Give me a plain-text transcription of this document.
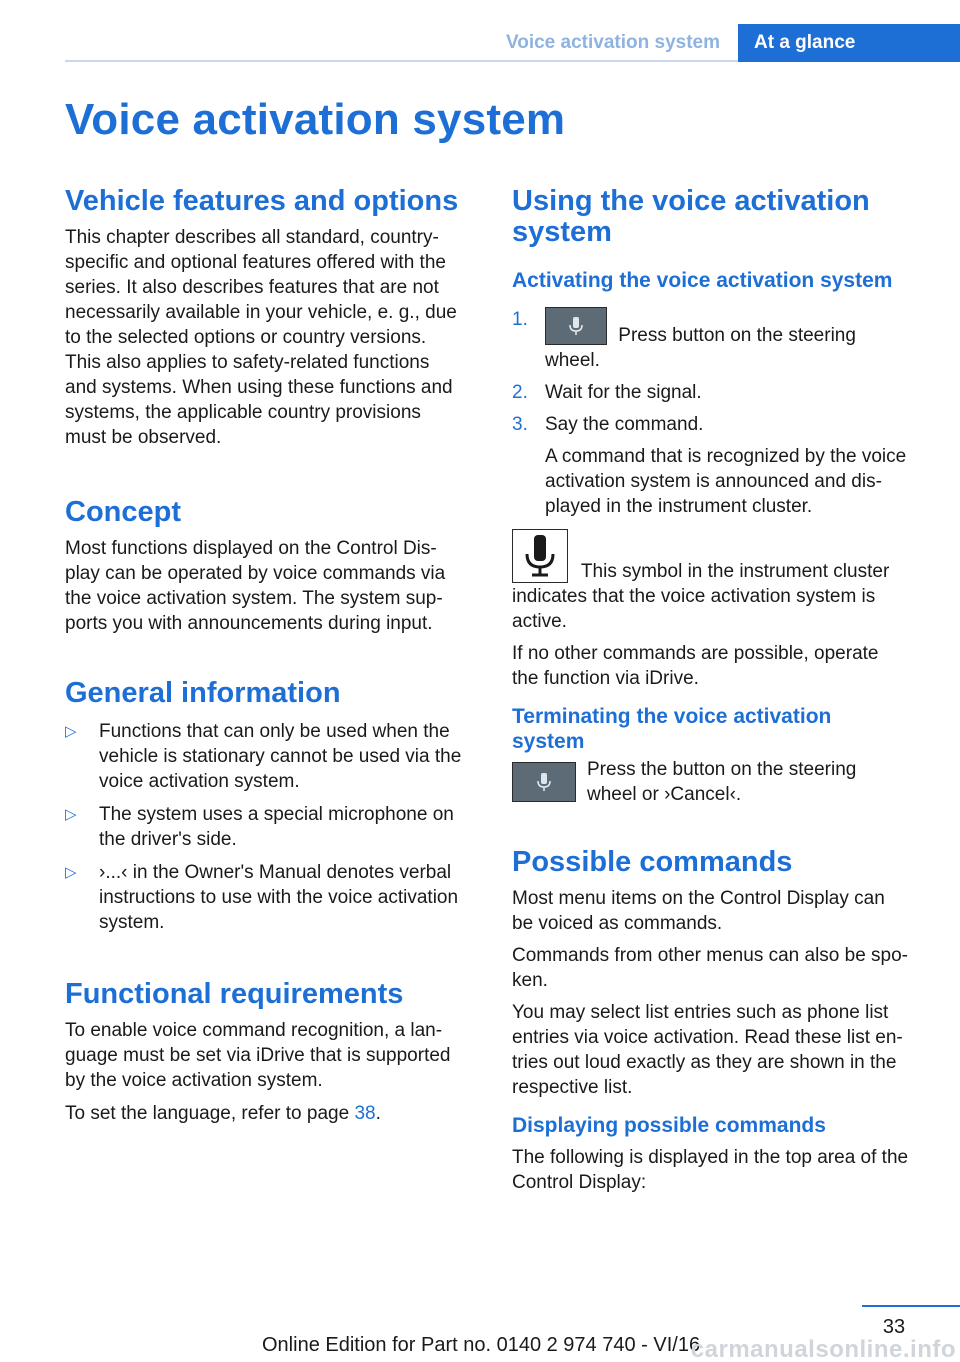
Voice activation system	At a glance
Voice activation system
Vehicle features and options

This chapter describes all standard, country-
specific and optional features offered with the
series. It also describes features that are not
necessarily available in your vehicle, e. g., due
to the selected options or country versions.
This also applies to safety-related functions
and systems. When using these functions and
systems, the applicable country provisions
must be observed.

Concept

Most functions displayed on the Control Dis-
play can be operated by voice commands via
the voice activation system. The system sup-
ports you with announcements during input.

General information
▷ Functions that can only be used when the
vehicle is stationary cannot be used via the
voice activation system.
▷ The system uses a special microphone on
the driver's side.
▷ ›...‹ in the Owner's Manual denotes verbal
instructions to use with the voice activation
system.
Functional requirements

To enable voice command recognition, a lan-
guage must be set via iDrive that is supported
by the voice activation system.

To set the language, refer to page 38.

Using the voice activation
system
Activating the voice activation system
1.
Press button on the steering
wheel.
2. Wait for the signal.
3. Say the command.
A command that is recognized by the voice
activation system is announced and dis-
played in the instrument cluster.

This symbol in the instrument cluster
indicates that the voice activation system is
active.

If no other commands are possible, operate
the function via iDrive.

Terminating the voice activation
system

Press the button on the steering
wheel or ›Cancel‹.

Possible commands

Most menu items on the Control Display can
be voiced as commands.

Commands from other menus can also be spo-
ken.

You may select list entries such as phone list
entries via voice activation. Read these list en-
tries out loud exactly as they are shown in the
respective list.

Displaying possible commands

The following is displayed in the top area of the
Control Display:

33
Online Edition for Part no. 0140 2 974 740 - VI/16
carmanualsonline.info
